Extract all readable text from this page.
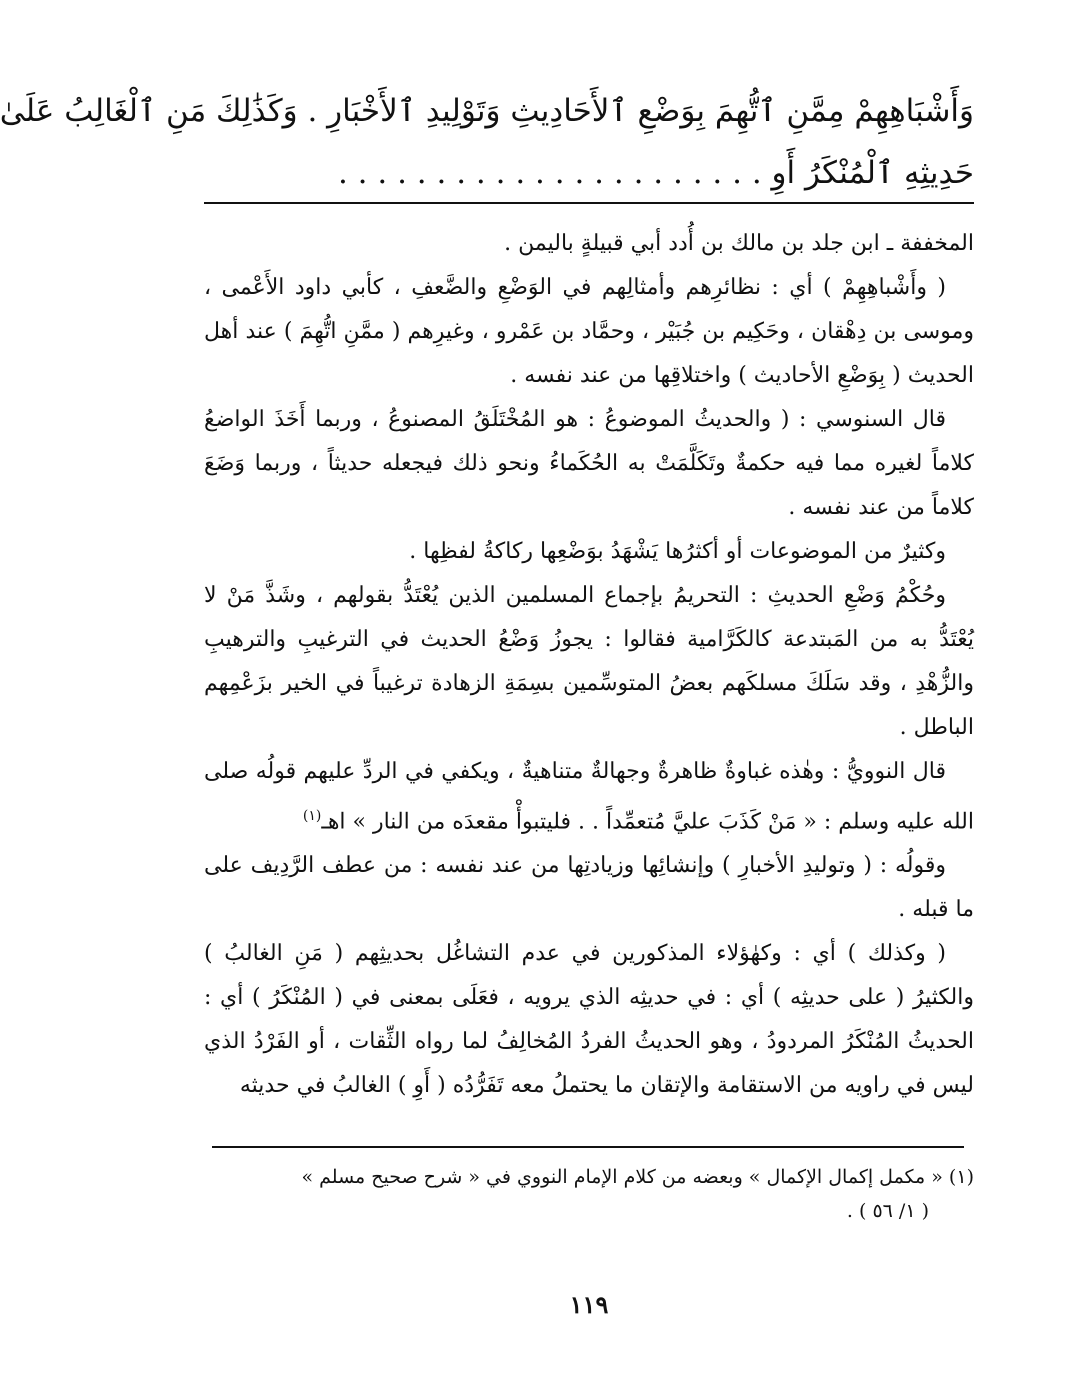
وَأَشْبَاهِهِمْ مِمَّنِ ٱتُّهِمَ بِوَضْعِ ٱلأَحَادِيثِ وَتَوْلِيدِ ٱلأَخْبَارِ . وَكَذَٰلِكَ مَنِ ٱلْغَالِبُ عَلَىٰ
حَدِيثِهِ ٱلْمُنْكَرُ أَوِ . . . . . . . . . . . . . . . . . . . . . .

المخففة ـ ابن جلد بن مالك بن أُدد أبي قبيلةٍ باليمن .

( وأَشْباهِهِمْ ) أي : نظائرِهم وأمثالِهم في الوَضْعِ والضَّعفِ ، كأبي داود الأَعْمى ، وموسى بن دِهْقان ، وحَكِيم بن جُبَيْر ، وحمَّاد بن عَمْرو ، وغيرِهم ( ممَّنِ اتُّهِمَ ) عند أهل الحديث ( بِوَضْعِ الأحاديث ) واختلاقِها من عند نفسه .

قال السنوسي : ( والحديثُ الموضوعُ : هو المُخْتَلَقُ المصنوعُ ، وربما أَخَذَ الواضعُ كلاماً لغيره مما فيه حكمةٌ وتَكَلَّمَتْ به الحُكَماءُ ونحو ذلك فيجعله حديثاً ، وربما وَضَعَ كلاماً من عند نفسه .

وكثيرٌ من الموضوعات أو أكثرُها يَشْهَدُ بوَضْعِها ركاكةُ لفظِها .

وحُكْمُ وَضْعِ الحديثِ : التحريمُ بإجماع المسلمين الذين يُعْتَدُّ بقولهم ، وشَذَّ مَنْ لا يُعْتَدُّ به من المَبتدعة كالكَرَّامية فقالوا : يجوزُ وَضْعُ الحديث في الترغيبِ والترهيبِ والزُّهْدِ ، وقد سَلَكَ مسلكَهم بعضُ المتوسِّمين بسِمَةِ الزهادة ترغيباً في الخير بزَعْمِهم الباطل .

قال النوويُّ : وهٰذه غباوةٌ ظاهرةٌ وجهالةٌ متناهيةٌ ، ويكفي في الردِّ عليهم قولُه صلى الله عليه وسلم : « مَنْ كَذَبَ عليَّ مُتعمِّداً . . فليتبوأْ مقعدَه من النار » اهـ$^{(١)}$

وقولُه : ( وتوليدِ الأخبارِ ) وإنشائِها وزيادتِها من عند نفسه : من عطف الرَّدِيف على ما قبله .

( وكذلك ) أي : وكهٰؤلاء المذكورين في عدم التشاغُل بحديثِهم ( مَنِ الغالبُ ) والكثيرُ ( على حديثِه ) أي : في حديثِه الذي يرويه ، فعَلَى بمعنى في ( المُنْكَرُ ) أي : الحديثُ المُنْكَرُ المردودُ ، وهو الحديثُ الفردُ المُخالِفُ لما رواه الثِّقات ، أو الفَرْدُ الذي ليس في راويه من الاستقامة والإتقان ما يحتملُ معه تَفَرُّدُه ( أَوِ ) الغالبُ في حديثه

(١) « مكمل إكمال الإكمال » وبعضه من كلام الإمام النووي في « شرح صحيح مسلم »
( ١/ ٥٦ ) .
١١٩
